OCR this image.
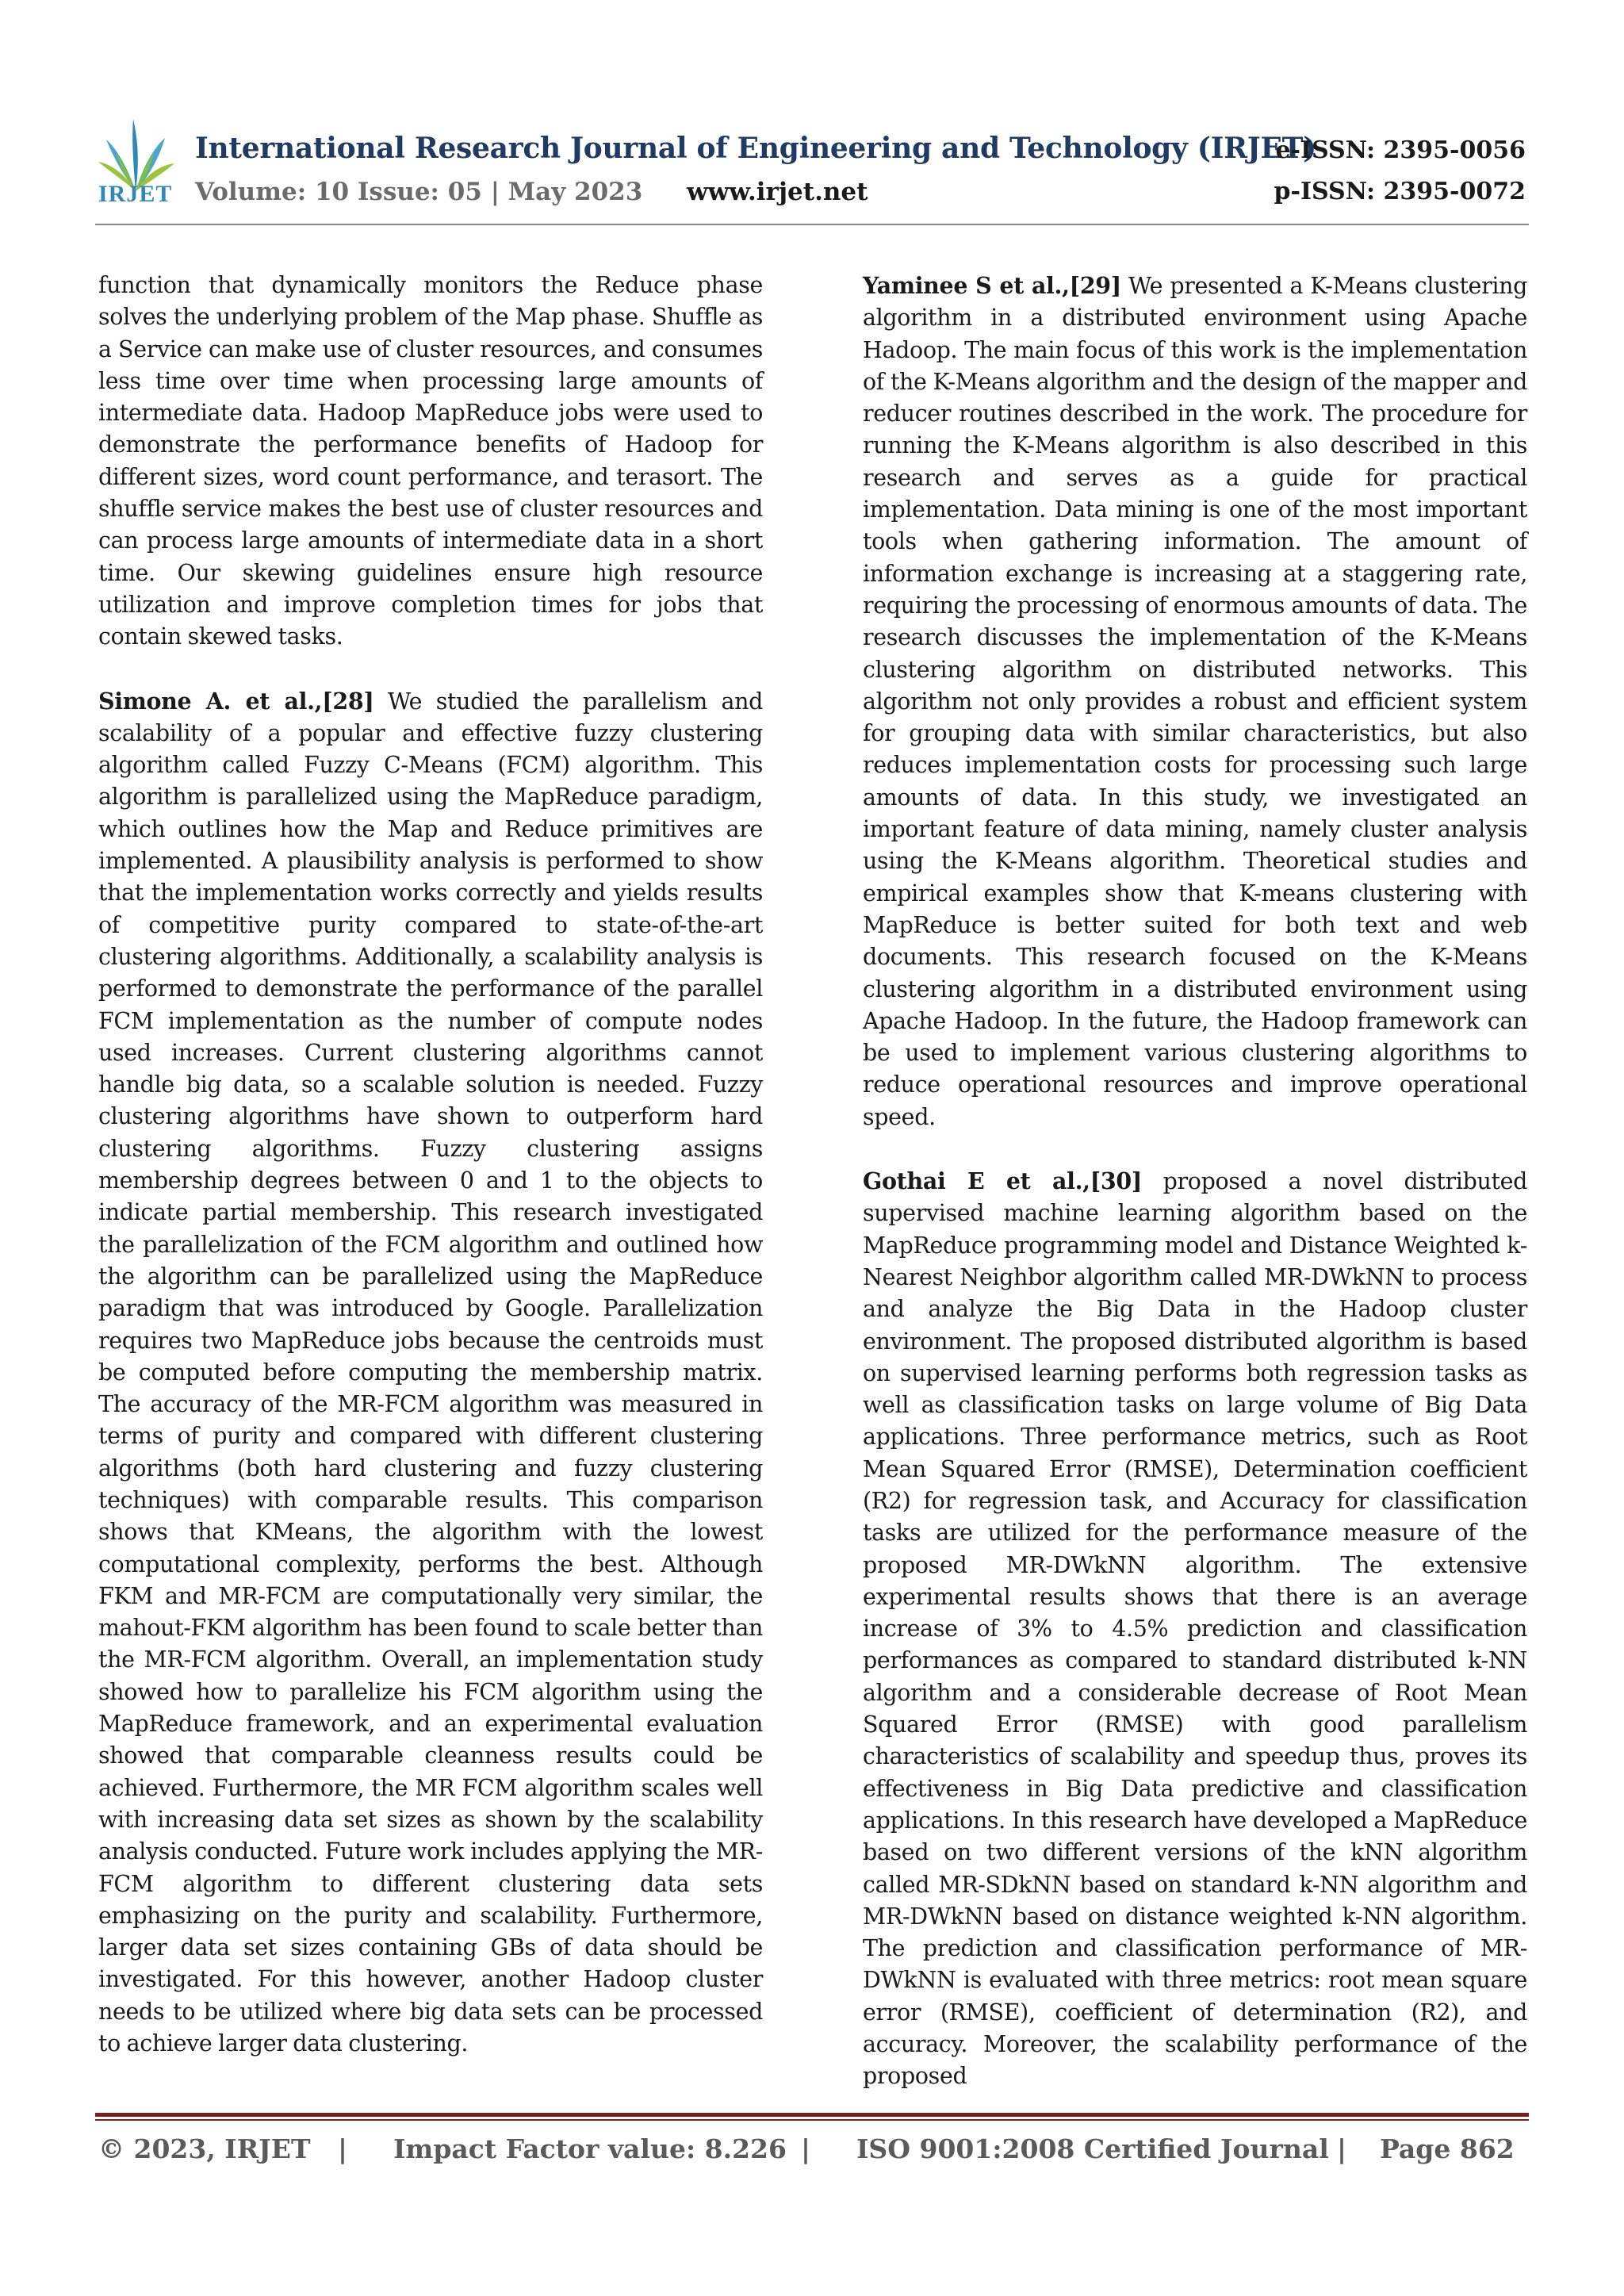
IRJET
International Research Journal of Engineering and Technology (IRJET)
Volume: 10 Issue: 05 | May 2023 www.irjet.net
e-ISSN: 2395-0056
p-ISSN: 2395-0072

function that dynamically monitors the Reduce phase solves the underlying problem of the Map phase. Shuffle as a Service can make use of cluster resources, and consumes less time over time when processing large amounts of intermediate data. Hadoop MapReduce jobs were used to demonstrate the performance benefits of Hadoop for different sizes, word count performance, and terasort. The shuffle service makes the best use of cluster resources and can process large amounts of intermediate data in a short time. Our skewing guidelines ensure high resource utilization and improve completion times for jobs that contain skewed tasks.

Simone A. et al.,[28] We studied the parallelism and scalability of a popular and effective fuzzy clustering algorithm called Fuzzy C-Means (FCM) algorithm. This algorithm is parallelized using the MapReduce paradigm, which outlines how the Map and Reduce primitives are implemented. A plausibility analysis is performed to show that the implementation works correctly and yields results of competitive purity compared to state-of-the-art clustering algorithms. Additionally, a scalability analysis is performed to demonstrate the performance of the parallel FCM implementation as the number of compute nodes used increases. Current clustering algorithms cannot handle big data, so a scalable solution is needed. Fuzzy clustering algorithms have shown to outperform hard clustering algorithms. Fuzzy clustering assigns membership degrees between 0 and 1 to the objects to indicate partial membership. This research investigated the parallelization of the FCM algorithm and outlined how the algorithm can be parallelized using the MapReduce paradigm that was introduced by Google. Parallelization requires two MapReduce jobs because the centroids must be computed before computing the membership matrix. The accuracy of the MR-FCM algorithm was measured in terms of purity and compared with different clustering algorithms (both hard clustering and fuzzy clustering techniques) with comparable results. This comparison shows that KMeans, the algorithm with the lowest computational complexity, performs the best. Although FKM and MR-FCM are computationally very similar, the mahout-FKM algorithm has been found to scale better than the MR-FCM algorithm. Overall, an implementation study showed how to parallelize his FCM algorithm using the MapReduce framework, and an experimental evaluation showed that comparable cleanness results could be achieved. Furthermore, the MR FCM algorithm scales well with increasing data set sizes as shown by the scalability analysis conducted. Future work includes applying the MR-FCM algorithm to different clustering data sets emphasizing on the purity and scalability. Furthermore, larger data set sizes containing GBs of data should be investigated. For this however, another Hadoop cluster needs to be utilized where big data sets can be processed to achieve larger data clustering.

Yaminee S et al.,[29] We presented a K-Means clustering algorithm in a distributed environment using Apache Hadoop. The main focus of this work is the implementation of the K-Means algorithm and the design of the mapper and reducer routines described in the work. The procedure for running the K-Means algorithm is also described in this research and serves as a guide for practical implementation. Data mining is one of the most important tools when gathering information. The amount of information exchange is increasing at a staggering rate, requiring the processing of enormous amounts of data. The research discusses the implementation of the K-Means clustering algorithm on distributed networks. This algorithm not only provides a robust and efficient system for grouping data with similar characteristics, but also reduces implementation costs for processing such large amounts of data. In this study, we investigated an important feature of data mining, namely cluster analysis using the K-Means algorithm. Theoretical studies and empirical examples show that K-means clustering with MapReduce is better suited for both text and web documents. This research focused on the K-Means clustering algorithm in a distributed environment using Apache Hadoop. In the future, the Hadoop framework can be used to implement various clustering algorithms to reduce operational resources and improve operational speed.

Gothai E et al.,[30] proposed a novel distributed supervised machine learning algorithm based on the MapReduce programming model and Distance Weighted k-Nearest Neighbor algorithm called MR-DWkNN to process and analyze the Big Data in the Hadoop cluster environment. The proposed distributed algorithm is based on supervised learning performs both regression tasks as well as classification tasks on large volume of Big Data applications. Three performance metrics, such as Root Mean Squared Error (RMSE), Determination coefficient (R2) for regression task, and Accuracy for classification tasks are utilized for the performance measure of the proposed MR-DWkNN algorithm. The extensive experimental results shows that there is an average increase of 3% to 4.5% prediction and classification performances as compared to standard distributed k-NN algorithm and a considerable decrease of Root Mean Squared Error (RMSE) with good parallelism characteristics of scalability and speedup thus, proves its effectiveness in Big Data predictive and classification applications. In this research have developed a MapReduce based on two different versions of the kNN algorithm called MR-SDkNN based on standard k-NN algorithm and MR-DWkNN based on distance weighted k-NN algorithm. The prediction and classification performance of MR-DWkNN is evaluated with three metrics: root mean square error (RMSE), coefficient of determination (R2), and accuracy. Moreover, the scalability performance of the proposed

© 2023, IRJET | Impact Factor value: 8.226 | ISO 9001:2008 Certified Journal | Page 862
